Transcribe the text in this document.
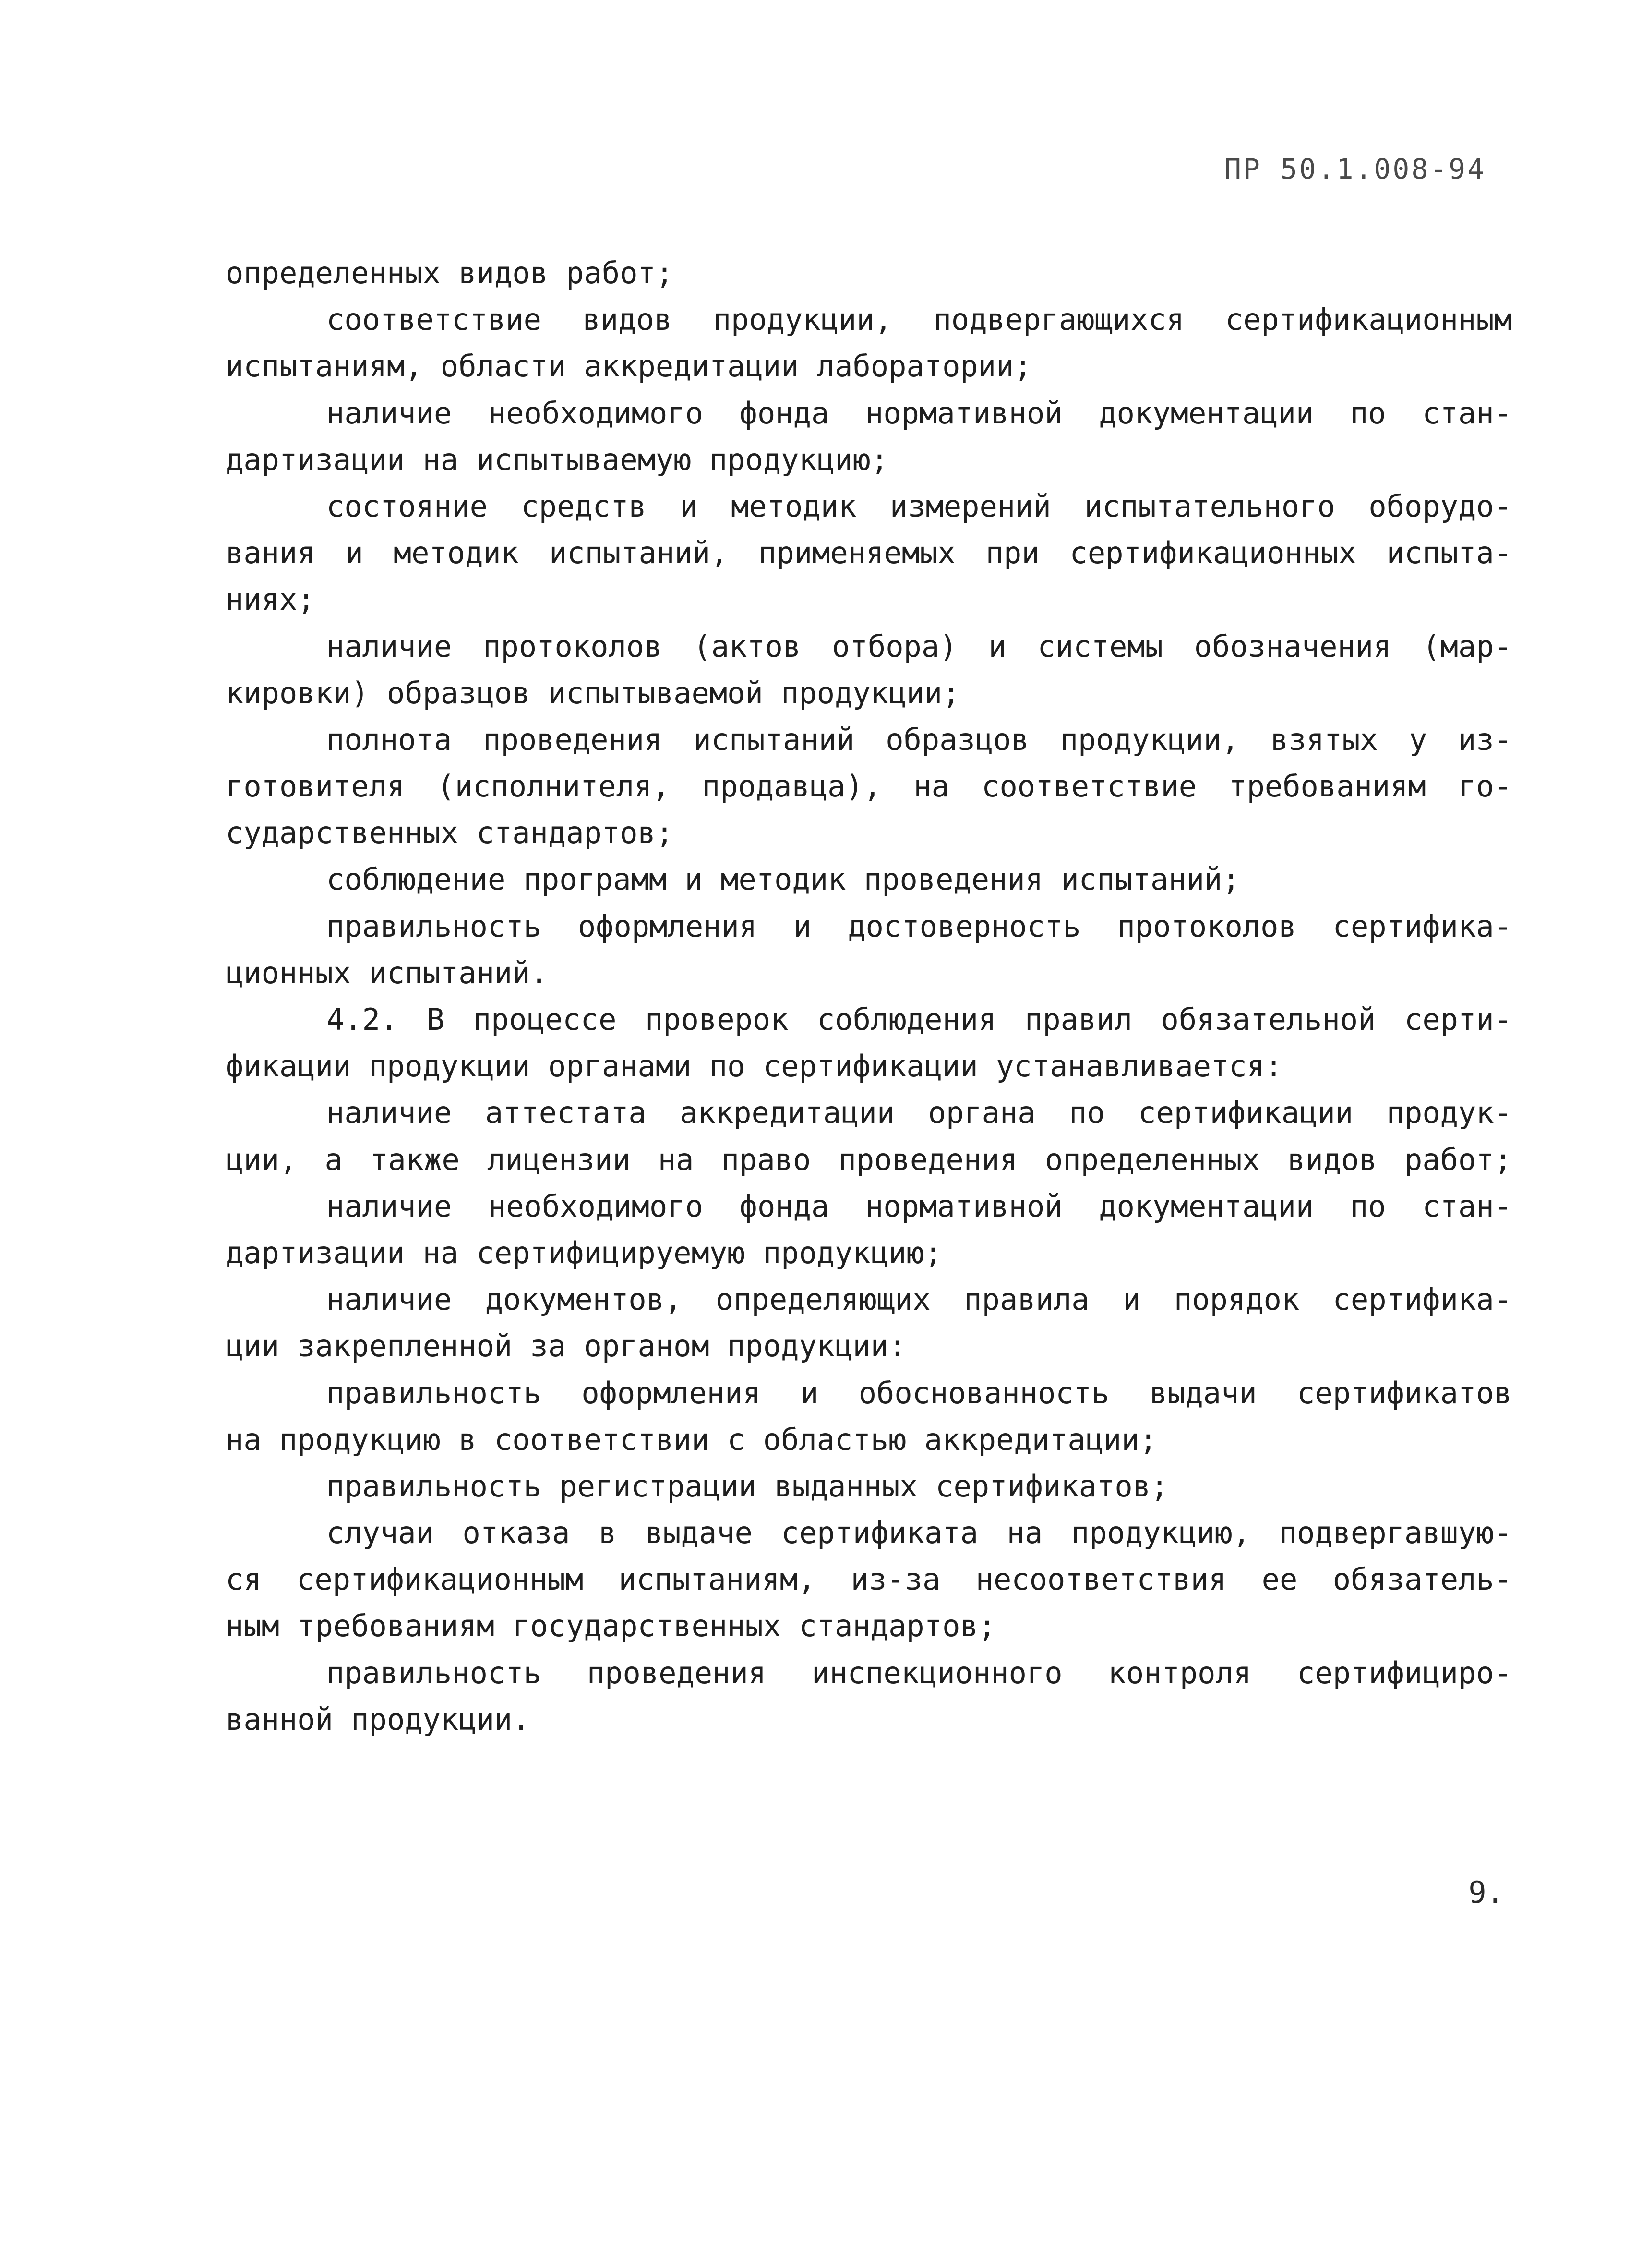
ПР 50.1.008-94
определенных видов работ;
соответствие видов продукции, подвергающихся сертификационным
испытаниям, области аккредитации лаборатории;
наличие необходимого фонда нормативной документации по стан-
дартизации на испытываемую продукцию;
состояние средств и методик измерений испытательного оборудо-
вания и методик испытаний, применяемых при сертификационных испыта-
ниях;
наличие протоколов (актов отбора) и системы обозначения (мар-
кировки) образцов испытываемой продукции;
полнота проведения испытаний образцов продукции, взятых у из-
готовителя (исполнителя, продавца), на соответствие требованиям го-
сударственных стандартов;
соблюдение программ и методик проведения испытаний;
правильность оформления и достоверность протоколов сертифика-
ционных испытаний.
4.2. В процессе проверок соблюдения правил обязательной серти-
фикации продукции органами по сертификации устанавливается:
наличие аттестата аккредитации органа по сертификации продук-
ции, а также лицензии на право проведения определенных видов работ;
наличие необходимого фонда нормативной документации по стан-
дартизации на сертифицируемую продукцию;
наличие документов, определяющих правила и порядок сертифика-
ции закрепленной за органом продукции:
правильность оформления и обоснованность выдачи сертификатов
на продукцию в соответствии с областью аккредитации;
правильность регистрации выданных сертификатов;
случаи отказа в выдаче сертификата на продукцию, подвергавшую-
ся сертификационным испытаниям, из-за несоответствия ее обязатель-
ным требованиям государственных стандартов;
правильность проведения инспекционного контроля сертифициро-
ванной продукции.
9.
